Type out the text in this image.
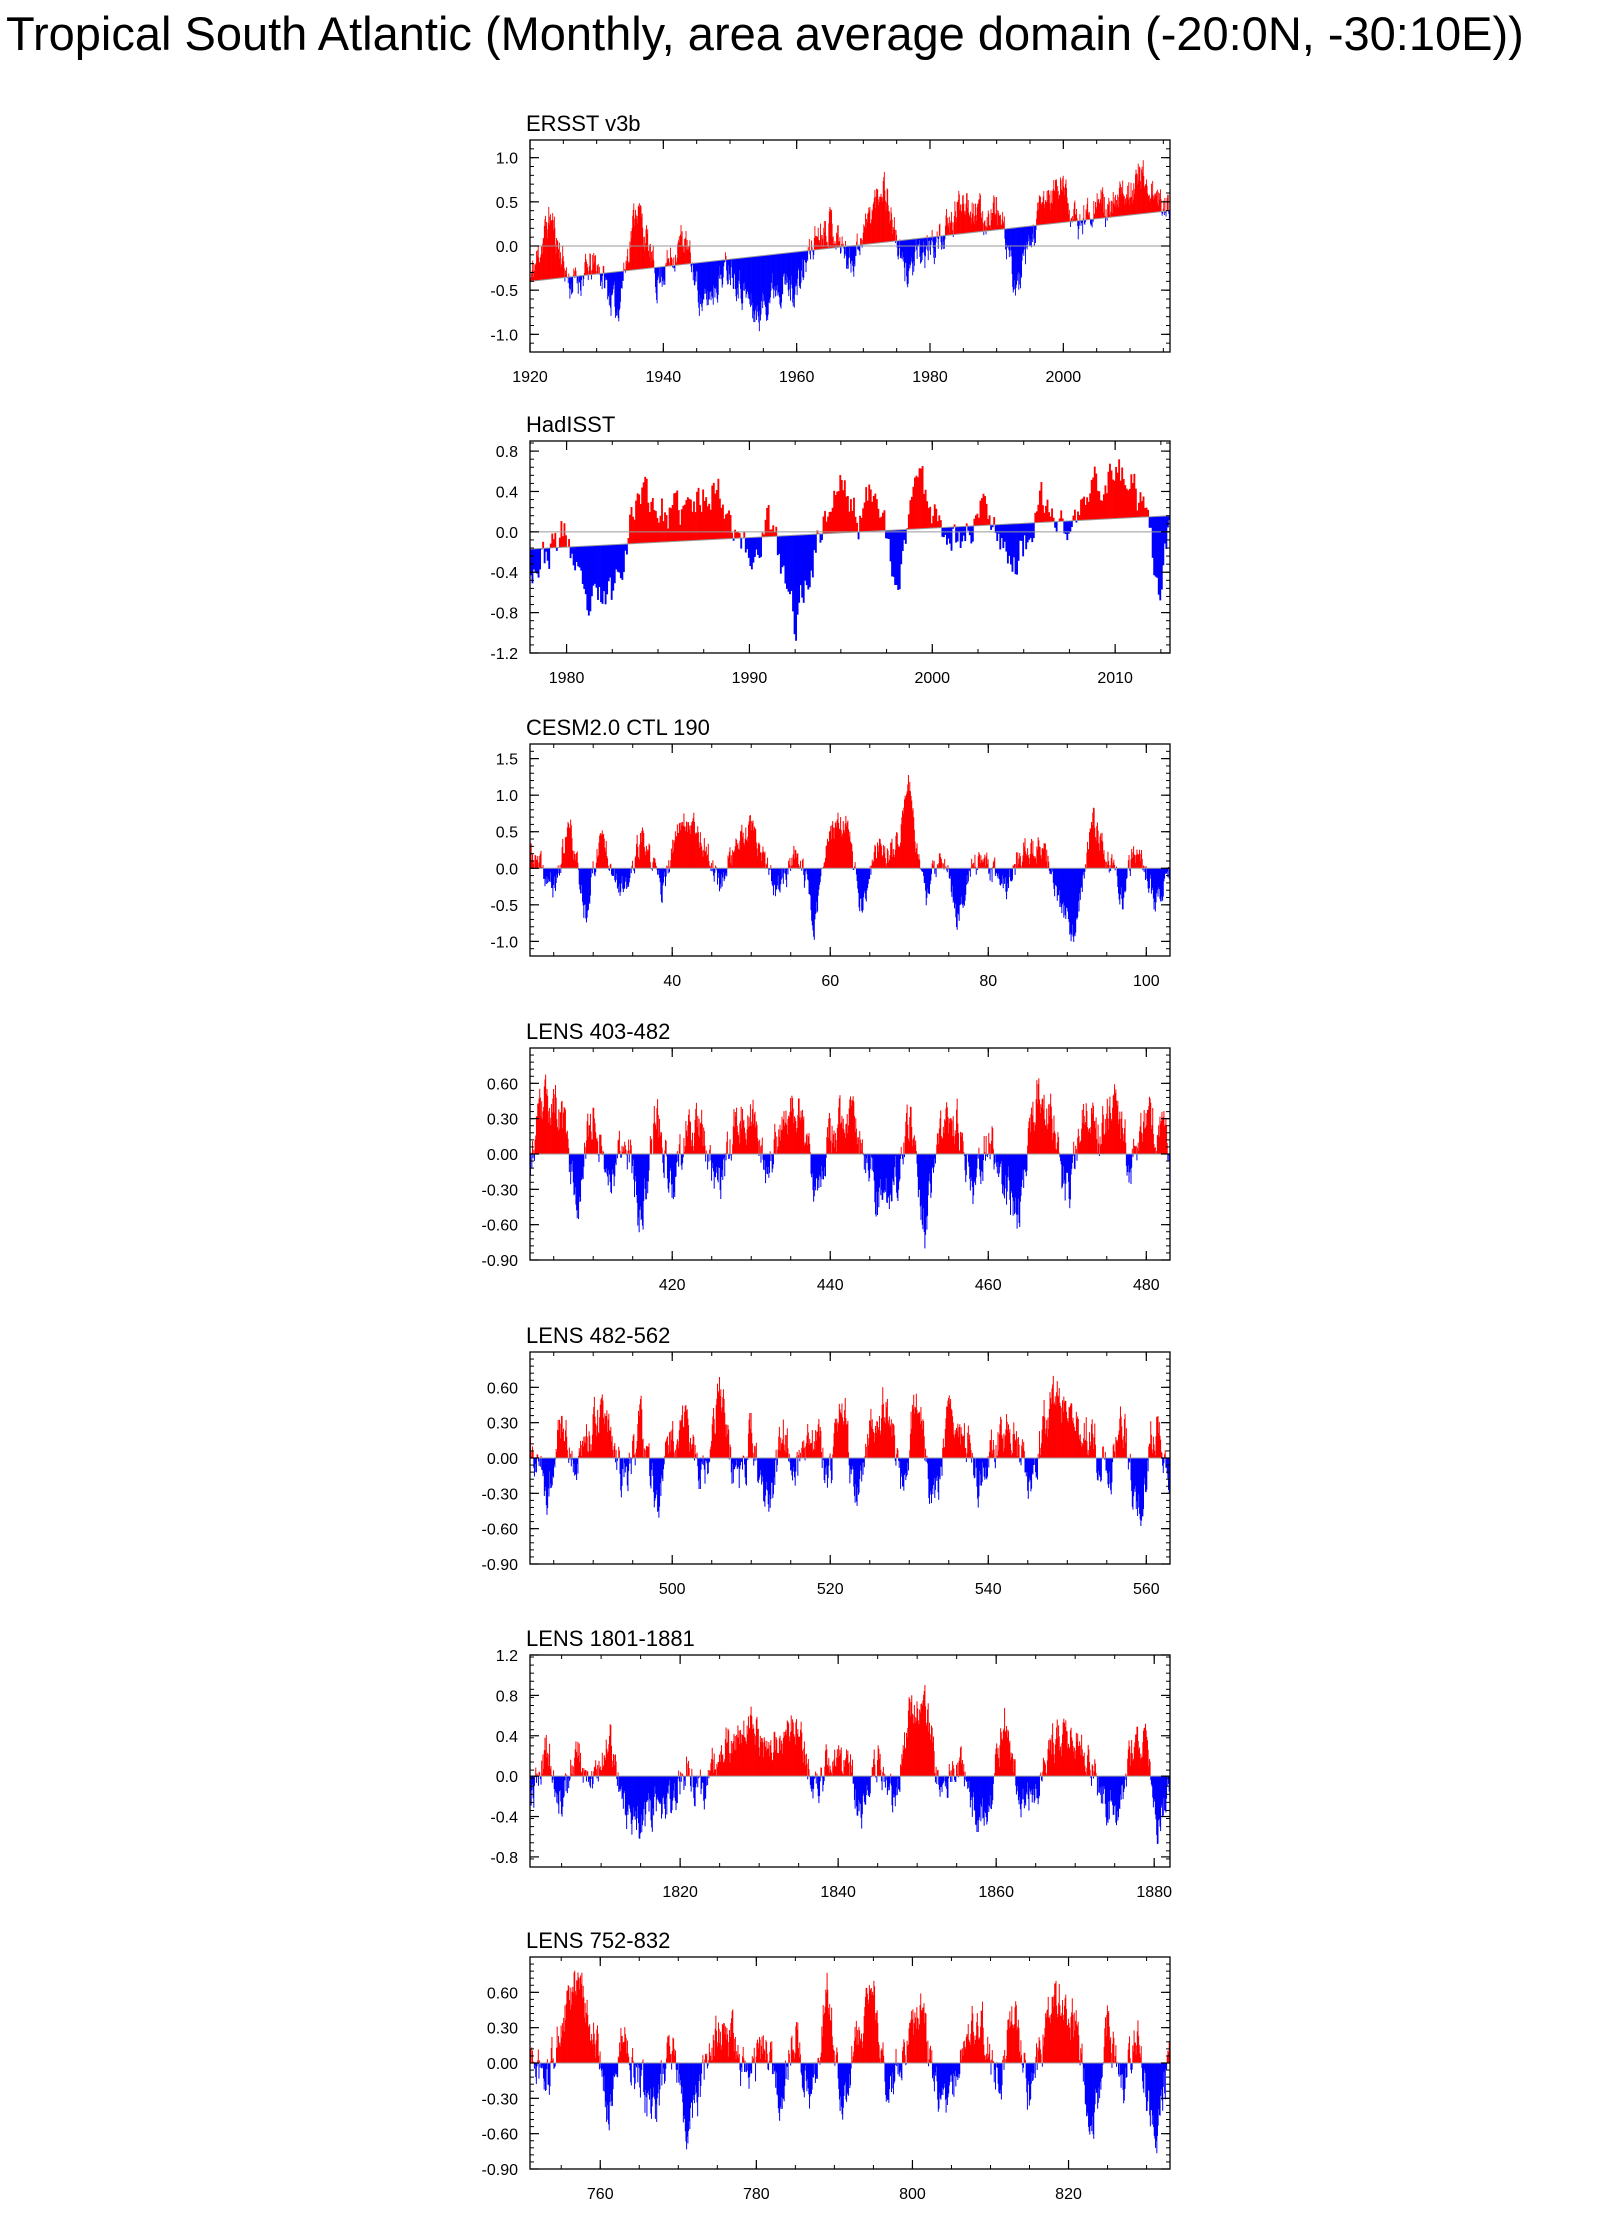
Tropical South Atlantic (Monthly, area average domain (-20:0N, -30:10E))
ERSST v3b
1.0
0.5
0.0
-0.5
-1.0
1920	1940	1960	1980	2000
HadISST
0.8
0.4
0.0
-0.4
-0.8
-1.2
1980	1990	2000	2010
CESM2.0 CTL 190
1.5
1.0
0.5
0.0
-0.5
-1.0
40	60	80	100
LENS 403-482
0.60
0.30
0.00
-0.30
-0.60
-0.90
420	440	460	480
LENS 482-562
0.60
0.30
0.00
-0.30
-0.60
-0.90
500	520	540	560
LENS 1801-1881
1.2
0.8
0.4
0.0
-0.4
-0.8
1820	1840	1860	1880
LENS 752-832
0.60
0.30
0.00
-0.30
-0.60
-0.90
760	780	800	820
